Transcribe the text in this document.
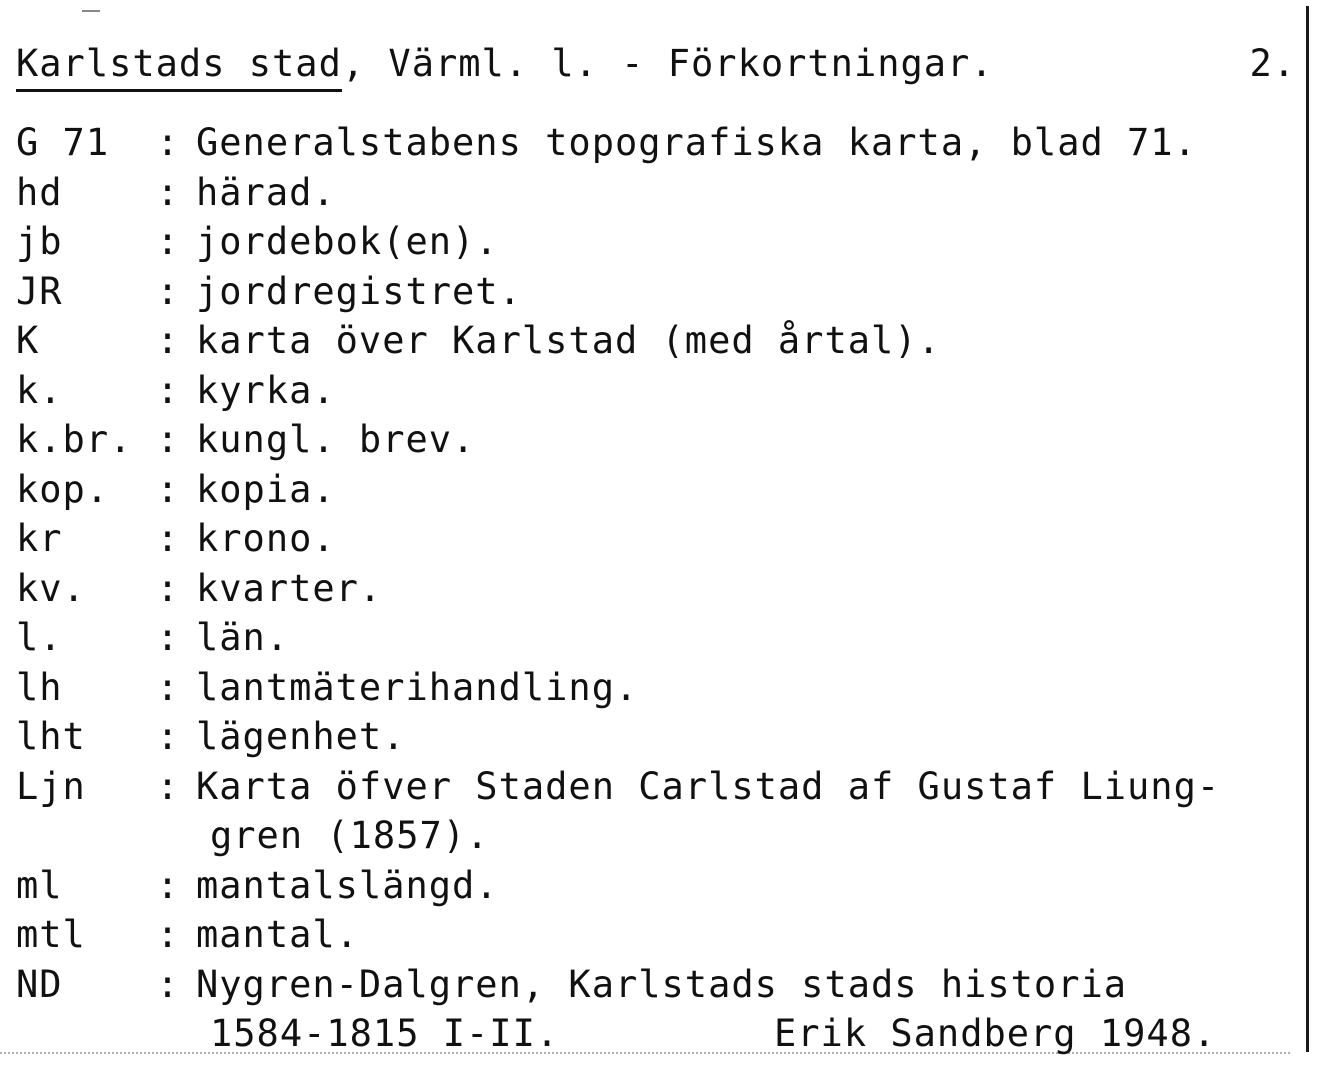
Karlstads stad, Värml. l. - Förkortningar.	2.
G 71	: Generalstabens topografiska karta, blad 71.
hd	: härad.
jb	: jordebok(en).
JR	: jordregistret.
K	: karta över Karlstad (med årtal).
k.	: kyrka.
k.br. : kungl. brev.
kop.	: kopia.
kr	: krono.
kv.	: kvarter.
l.	: län.
lh	: lantmäterihandling.
lht	: lägenhet.
Ljn	: Karta öfver Staden Carlstad af Gustaf Liung-
gren (1857).
ml	: mantalslängd.
mtl	: mantal.
ND	: Nygren-Dalgren, Karlstads stads historia
1584-1815 I-II.	Erik Sandberg 1948.
